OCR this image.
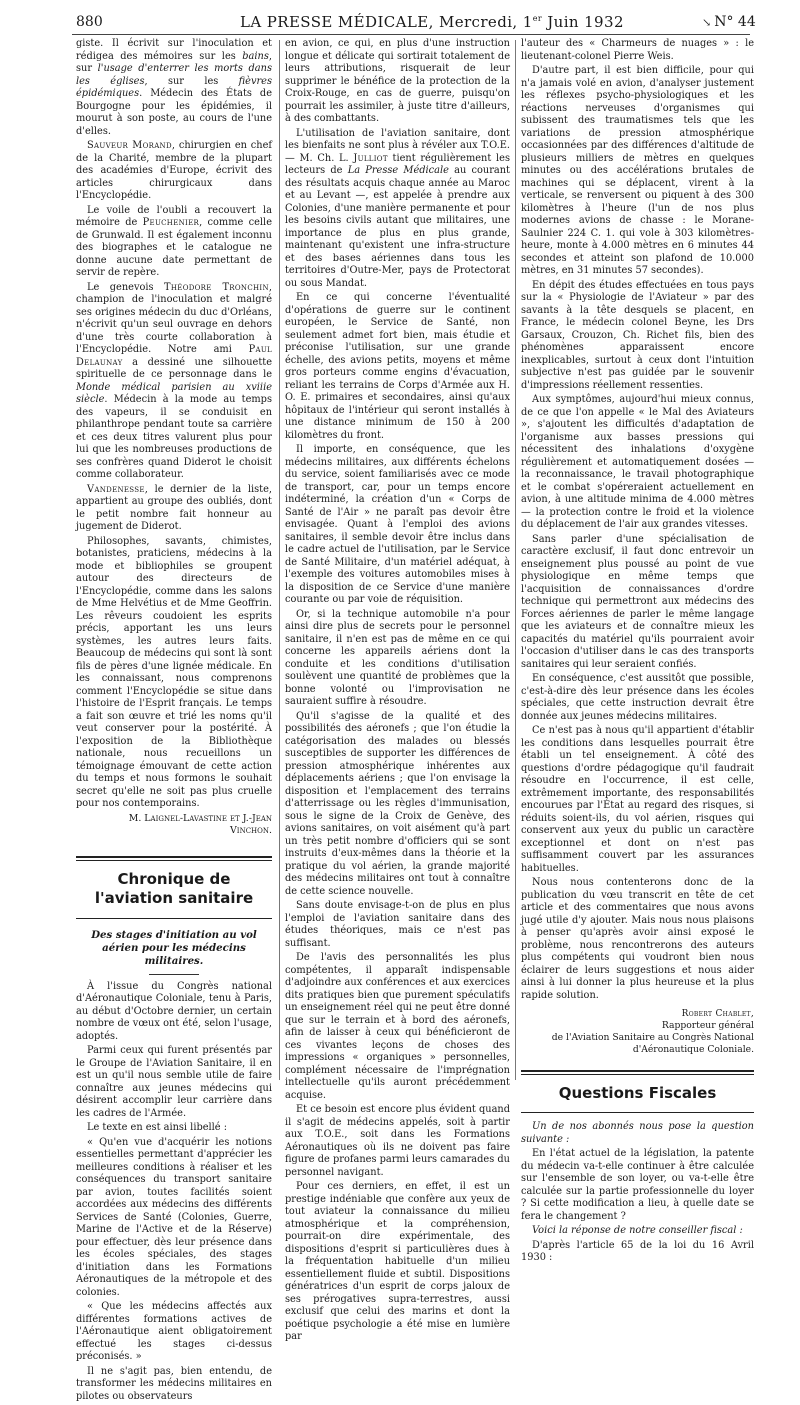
880	LA PRESSE MÉDICALE, Mercredi, 1er Juin 1932	↘ N° 44

giste. Il écrivit sur l'inoculation et rédigea des mémoires sur les bains, sur l'usage d'enterrer les morts dans les églises, sur les fièvres épidémiques. Médecin des États de Bourgogne pour les épidémies, il mourut à son poste, au cours de l'une d'elles.

Sauveur Morand, chirurgien en chef de la Charité, membre de la plupart des académies d'Europe, écrivit des articles chirurgicaux dans l'Encyclopédie.

Le voile de l'oubli a recouvert la mémoire de Peuchenier, comme celle de Grunwald. Il est également inconnu des biographes et le catalogue ne donne aucune date permettant de servir de repère.

Le genevois Théodore Tronchin, champion de l'inoculation et malgré ses origines médecin du duc d'Orléans, n'écrivit qu'un seul ouvrage en dehors d'une très courte collaboration à l'Encyclopédie. Notre ami Paul Delaunay a dessiné une silhouette spirituelle de ce personnage dans le Monde médical parisien au xviiie siècle. Médecin à la mode au temps des vapeurs, il se conduisit en philanthrope pendant toute sa carrière et ces deux titres valurent plus pour lui que les nombreuses productions de ses confrères quand Diderot le choisit comme collaborateur.

Vandenesse, le dernier de la liste, appartient au groupe des oubliés, dont le petit nombre fait honneur au jugement de Diderot.

Philosophes, savants, chimistes, botanistes, praticiens, médecins à la mode et bibliophiles se groupent autour des directeurs de l'Encyclopédie, comme dans les salons de Mme Helvétius et de Mme Geoffrin. Les rêveurs coudoient les esprits précis, apportant les uns leurs systèmes, les autres leurs faits. Beaucoup de médecins qui sont là sont fils de pères d'une lignée médicale. En les connaissant, nous comprenons comment l'Encyclopédie se situe dans l'histoire de l'Esprit français. Le temps a fait son œuvre et trié les noms qu'il veut conserver pour la postérité. À l'exposition de la Bibliothèque nationale, nous recueillons un témoignage émouvant de cette action du temps et nous formons le souhait secret qu'elle ne soit pas plus cruelle pour nos contemporains.

M. Laignel-Lavastine et J.-Jean Vinchon.

Chronique de l'aviation sanitaire
Des stages d'initiation au vol aérien pour les médecins militaires.

À l'issue du Congrès national d'Aéronautique Coloniale, tenu à Paris, au début d'Octobre dernier, un certain nombre de vœux ont été, selon l'usage, adoptés.

Parmi ceux qui furent présentés par le Groupe de l'Aviation Sanitaire, il en est un qu'il nous semble utile de faire connaître aux jeunes médecins qui désirent accomplir leur carrière dans les cadres de l'Armée.

Le texte en est ainsi libellé :

« Qu'en vue d'acquérir les notions essentielles permettant d'apprécier les meilleures conditions à réaliser et les conséquences du transport sanitaire par avion, toutes facilités soient accordées aux médecins des différents Services de Santé (Colonies, Guerre, Marine de l'Active et de la Réserve) pour effectuer, dès leur présence dans les écoles spéciales, des stages d'initiation dans les Formations Aéronautiques de la métropole et des colonies.

« Que les médecins affectés aux différentes formations actives de l'Aéronautique aient obligatoirement effectué les stages ci-dessus préconisés. »

Il ne s'agit pas, bien entendu, de transformer les médecins militaires en pilotes ou observateurs

en avion, ce qui, en plus d'une instruction longue et délicate qui sortirait totalement de leurs attributions, risquerait de leur supprimer le bénéfice de la protection de la Croix-Rouge, en cas de guerre, puisqu'on pourrait les assimiler, à juste titre d'ailleurs, à des combattants.

L'utilisation de l'aviation sanitaire, dont les bienfaits ne sont plus à révéler aux T.O.E. — M. Ch. L. Julliot tient régulièrement les lecteurs de La Presse Médicale au courant des résultats acquis chaque année au Maroc et au Levant —, est appelée à prendre aux Colonies, d'une manière permanente et pour les besoins civils autant que militaires, une importance de plus en plus grande, maintenant qu'existent une infra-structure et des bases aériennes dans tous les territoires d'Outre-Mer, pays de Protectorat ou sous Mandat.

En ce qui concerne l'éventualité d'opérations de guerre sur le continent européen, le Service de Santé, non seulement admet fort bien, mais étudie et préconise l'utilisation, sur une grande échelle, des avions petits, moyens et même gros porteurs comme engins d'évacuation, reliant les terrains de Corps d'Armée aux H. O. E. primaires et secondaires, ainsi qu'aux hôpitaux de l'intérieur qui seront installés à une distance minimum de 150 à 200 kilomètres du front.

Il importe, en conséquence, que les médecins militaires, aux différents échelons du service, soient familiarisés avec ce mode de transport, car, pour un temps encore indéterminé, la création d'un « Corps de Santé de l'Air » ne paraît pas devoir être envisagée. Quant à l'emploi des avions sanitaires, il semble devoir être inclus dans le cadre actuel de l'utilisation, par le Service de Santé Militaire, d'un matériel adéquat, à l'exemple des voitures automobiles mises à la disposition de ce Service d'une manière courante ou par voie de réquisition.

Or, si la technique automobile n'a pour ainsi dire plus de secrets pour le personnel sanitaire, il n'en est pas de même en ce qui concerne les appareils aériens dont la conduite et les conditions d'utilisation soulèvent une quantité de problèmes que la bonne volonté ou l'improvisation ne sauraient suffire à résoudre.

Qu'il s'agisse de la qualité et des possibilités des aéronefs ; que l'on étudie la catégorisation des malades ou blessés susceptibles de supporter les différences de pression atmosphérique inhérentes aux déplacements aériens ; que l'on envisage la disposition et l'emplacement des terrains d'atterrissage ou les règles d'immunisation, sous le signe de la Croix de Genève, des avions sanitaires, on voit aisément qu'à part un très petit nombre d'officiers qui se sont instruits d'eux-mêmes dans la théorie et la pratique du vol aérien, la grande majorité des médecins militaires ont tout à connaître de cette science nouvelle.

Sans doute envisage-t-on de plus en plus l'emploi de l'aviation sanitaire dans des études théoriques, mais ce n'est pas suffisant.

De l'avis des personnalités les plus compétentes, il apparaît indispensable d'adjoindre aux conférences et aux exercices dits pratiques bien que purement spéculatifs un enseignement réel qui ne peut être donné que sur le terrain et à bord des aéronefs, afin de laisser à ceux qui bénéficieront de ces vivantes leçons de choses des impressions « organiques » personnelles, complément nécessaire de l'imprégnation intellectuelle qu'ils auront précédemment acquise.

Et ce besoin est encore plus évident quand il s'agit de médecins appelés, soit à partir aux T.O.E., soit dans les Formations Aéronautiques où ils ne doivent pas faire figure de profanes parmi leurs camarades du personnel navigant.

Pour ces derniers, en effet, il est un prestige indéniable que confère aux yeux de tout aviateur la connaissance du milieu atmosphérique et la compréhension, pourrait-on dire expérimentale, des dispositions d'esprit si particulières dues à la fréquentation habituelle d'un milieu essentiellement fluide et subtil. Dispositions génératrices d'un esprit de corps jaloux de ses prérogatives supra-terrestres, aussi exclusif que celui des marins et dont la poétique psychologie a été mise en lumière par

l'auteur des « Charmeurs de nuages » : le lieutenant-colonel Pierre Weis.

D'autre part, il est bien difficile, pour qui n'a jamais volé en avion, d'analyser justement les réflexes psycho-physiologiques et les réactions nerveuses d'organismes qui subissent des traumatismes tels que les variations de pression atmosphérique occasionnées par des différences d'altitude de plusieurs milliers de mètres en quelques minutes ou des accélérations brutales de machines qui se déplacent, virent à la verticale, se renversent ou piquent à des 300 kilomètres à l'heure (l'un de nos plus modernes avions de chasse : le Morane-Saulnier 224 C. 1. qui vole à 303 kilomètres-heure, monte à 4.000 mètres en 6 minutes 44 secondes et atteint son plafond de 10.000 mètres, en 31 minutes 57 secondes).

En dépit des études effectuées en tous pays sur la « Physiologie de l'Aviateur » par des savants à la tête desquels se placent, en France, le médecin colonel Beyne, les Drs Garsaux, Crouzon, Ch. Richet fils, bien des phénomènes apparaissent encore inexplicables, surtout à ceux dont l'intuition subjective n'est pas guidée par le souvenir d'impressions réellement ressenties.

Aux symptômes, aujourd'hui mieux connus, de ce que l'on appelle « le Mal des Aviateurs », s'ajoutent les difficultés d'adaptation de l'organisme aux basses pressions qui nécessitent des inhalations d'oxygène régulièrement et automatiquement dosées — la reconnaissance, le travail photographique et le combat s'opéreraient actuellement en avion, à une altitude minima de 4.000 mètres — la protection contre le froid et la violence du déplacement de l'air aux grandes vitesses.

Sans parler d'une spécialisation de caractère exclusif, il faut donc entrevoir un enseignement plus poussé au point de vue physiologique en même temps que l'acquisition de connaissances d'ordre technique qui permettront aux médecins des Forces aériennes de parler le même langage que les aviateurs et de connaître mieux les capacités du matériel qu'ils pourraient avoir l'occasion d'utiliser dans le cas des transports sanitaires qui leur seraient confiés.

En conséquence, c'est aussitôt que possible, c'est-à-dire dès leur présence dans les écoles spéciales, que cette instruction devrait être donnée aux jeunes médecins militaires.

Ce n'est pas à nous qu'il appartient d'établir les conditions dans lesquelles pourrait être établi un tel enseignement. À côté des questions d'ordre pédagogique qu'il faudrait résoudre en l'occurrence, il est celle, extrêmement importante, des responsabilités encourues par l'État au regard des risques, si réduits soient-ils, du vol aérien, risques qui conservent aux yeux du public un caractère exceptionnel et dont on n'est pas suffisamment couvert par les assurances habituelles.

Nous nous contenterons donc de la publication du vœu transcrit en tête de cet article et des commentaires que nous avons jugé utile d'y ajouter. Mais nous nous plaisons à penser qu'après avoir ainsi exposé le problème, nous rencontrerons des auteurs plus compétents qui voudront bien nous éclairer de leurs suggestions et nous aider ainsi à lui donner la plus heureuse et la plus rapide solution.

Robert Chablet,
Rapporteur général
de l'Aviation Sanitaire au Congrès National
d'Aéronautique Coloniale.
Questions Fiscales

Un de nos abonnés nous pose la question suivante :

En l'état actuel de la législation, la patente du médecin va-t-elle continuer à être calculée sur l'ensemble de son loyer, ou va-t-elle être calculée sur la partie professionnelle du loyer ? Si cette modification a lieu, à quelle date se fera le changement ?

Voici la réponse de notre conseiller fiscal :

D'après l'article 65 de la loi du 16 Avril 1930 :
